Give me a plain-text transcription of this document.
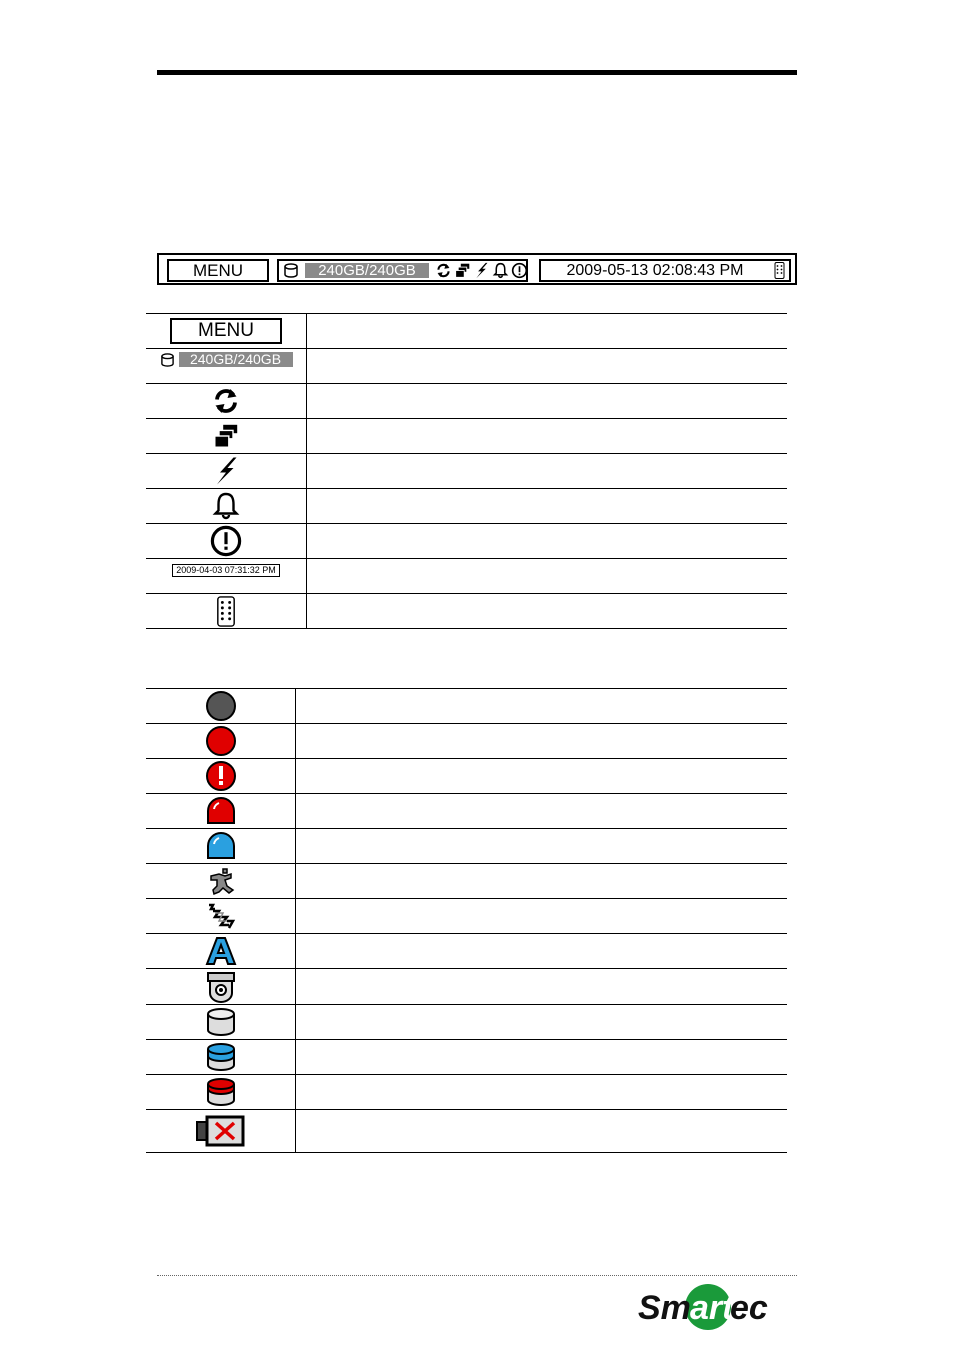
MENU	240GB/240GB	2009-05-13 02:08:43 PM
MENU
240GB/240GB
2009-04-03 07:31:32 PM
Sm art
ec
